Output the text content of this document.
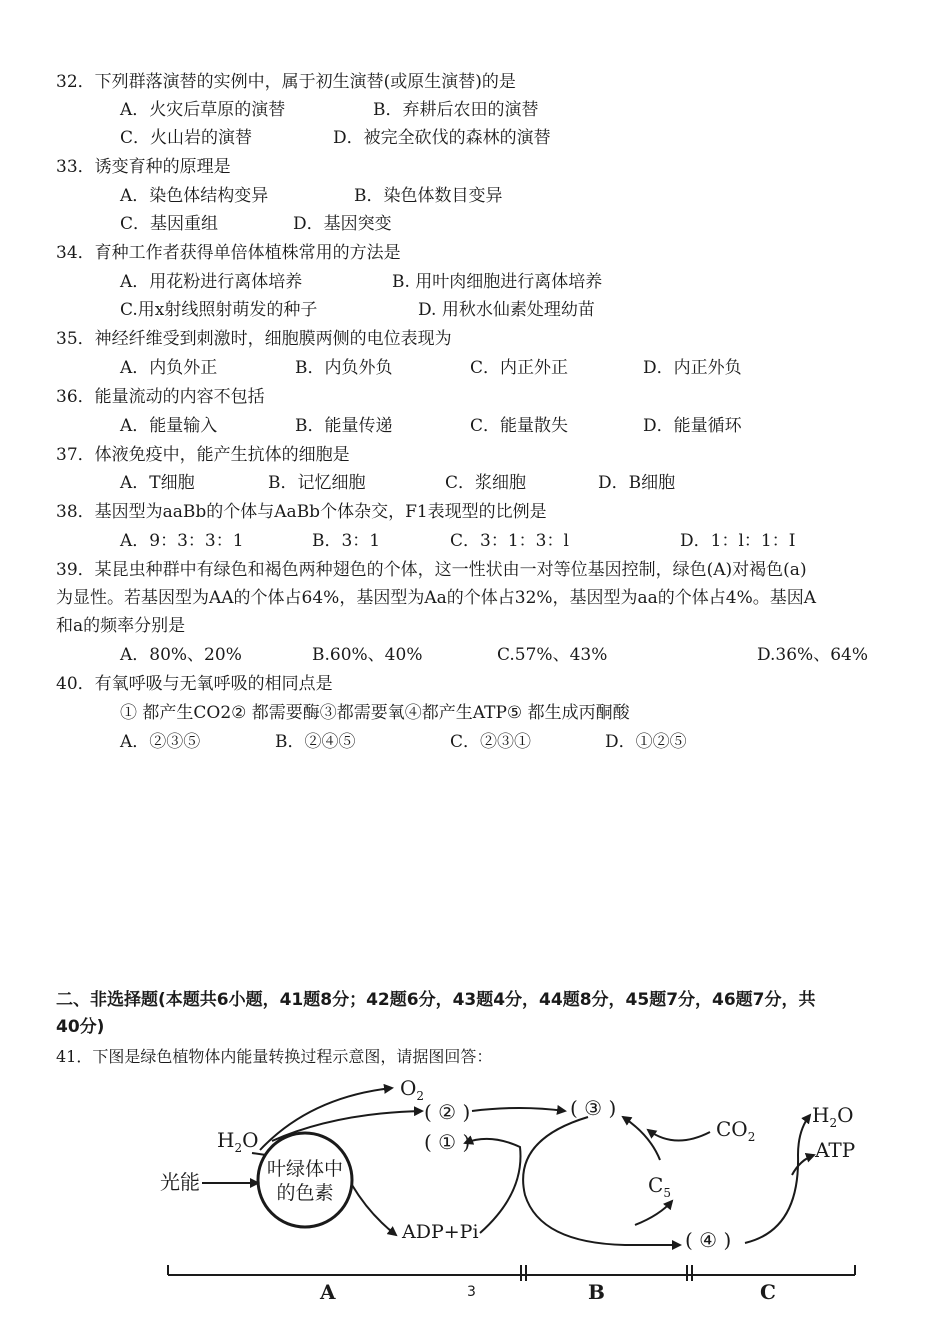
32．下列群落演替的实例中，属于初生演替(或原生演替)的是
A．火灾后草原的演替	B．弃耕后农田的演替
C．火山岩的演替	D．被完全砍伐的森林的演替
33．诱变育种的原理是
A．染色体结构变异	B．染色体数目变异
C．基因重组	D．基因突变
34．育种工作者获得单倍体植株常用的方法是
A．用花粉进行离体培养	B. 用叶肉细胞进行离体培养
C.用x射线照射萌发的种子	D. 用秋水仙素处理幼苗
35．神经纤维受到刺激时，细胞膜两侧的电位表现为
A．内负外正	B．内负外负	C．内正外正	D．内正外负
36．能量流动的内容不包括
A．能量输入	B．能量传递	C．能量散失	D．能量循环
37．体液免疫中，能产生抗体的细胞是
A．T细胞	B．记忆细胞	C．浆细胞	D．B细胞
38．基因型为aaBb的个体与AaBb个体杂交，F1表现型的比例是
A．9：3：3：1	B．3：1	C．3：1：3：l	D．1：l：1：I
39．某昆虫种群中有绿色和褐色两种翅色的个体，这一性状由一对等位基因控制，绿色(A)对褐色(a)
为显性。若基因型为AA的个体占64%，基因型为Aa的个体占32%，基因型为aa的个体占4%。基因A
和a的频率分别是
A．80%、20%	B.60%、40%	C.57%、43%	D.36%、64%
40．有氧呼吸与无氧呼吸的相同点是
① 都产生CO2② 都需要酶③都需要氧④都产生ATP⑤ 都生成丙酮酸
A．②③⑤	B．②④⑤	C．②③①	D．①②⑤
二、非选择题(本题共6小题，41题8分；42题6分，43题4分，44题8分，45题7分，46题7分，共
40分)
41．下图是绿色植物体内能量转换过程示意图，请据图回答：
$O_2$
( ② )
( ① )
( ③ )
$H_2O$
光能
叶绿体中
的色素
ADP+Pi
$C_5$
$CO_2$
( ④ )
$H_2O$
ATP
A	B	C
3
